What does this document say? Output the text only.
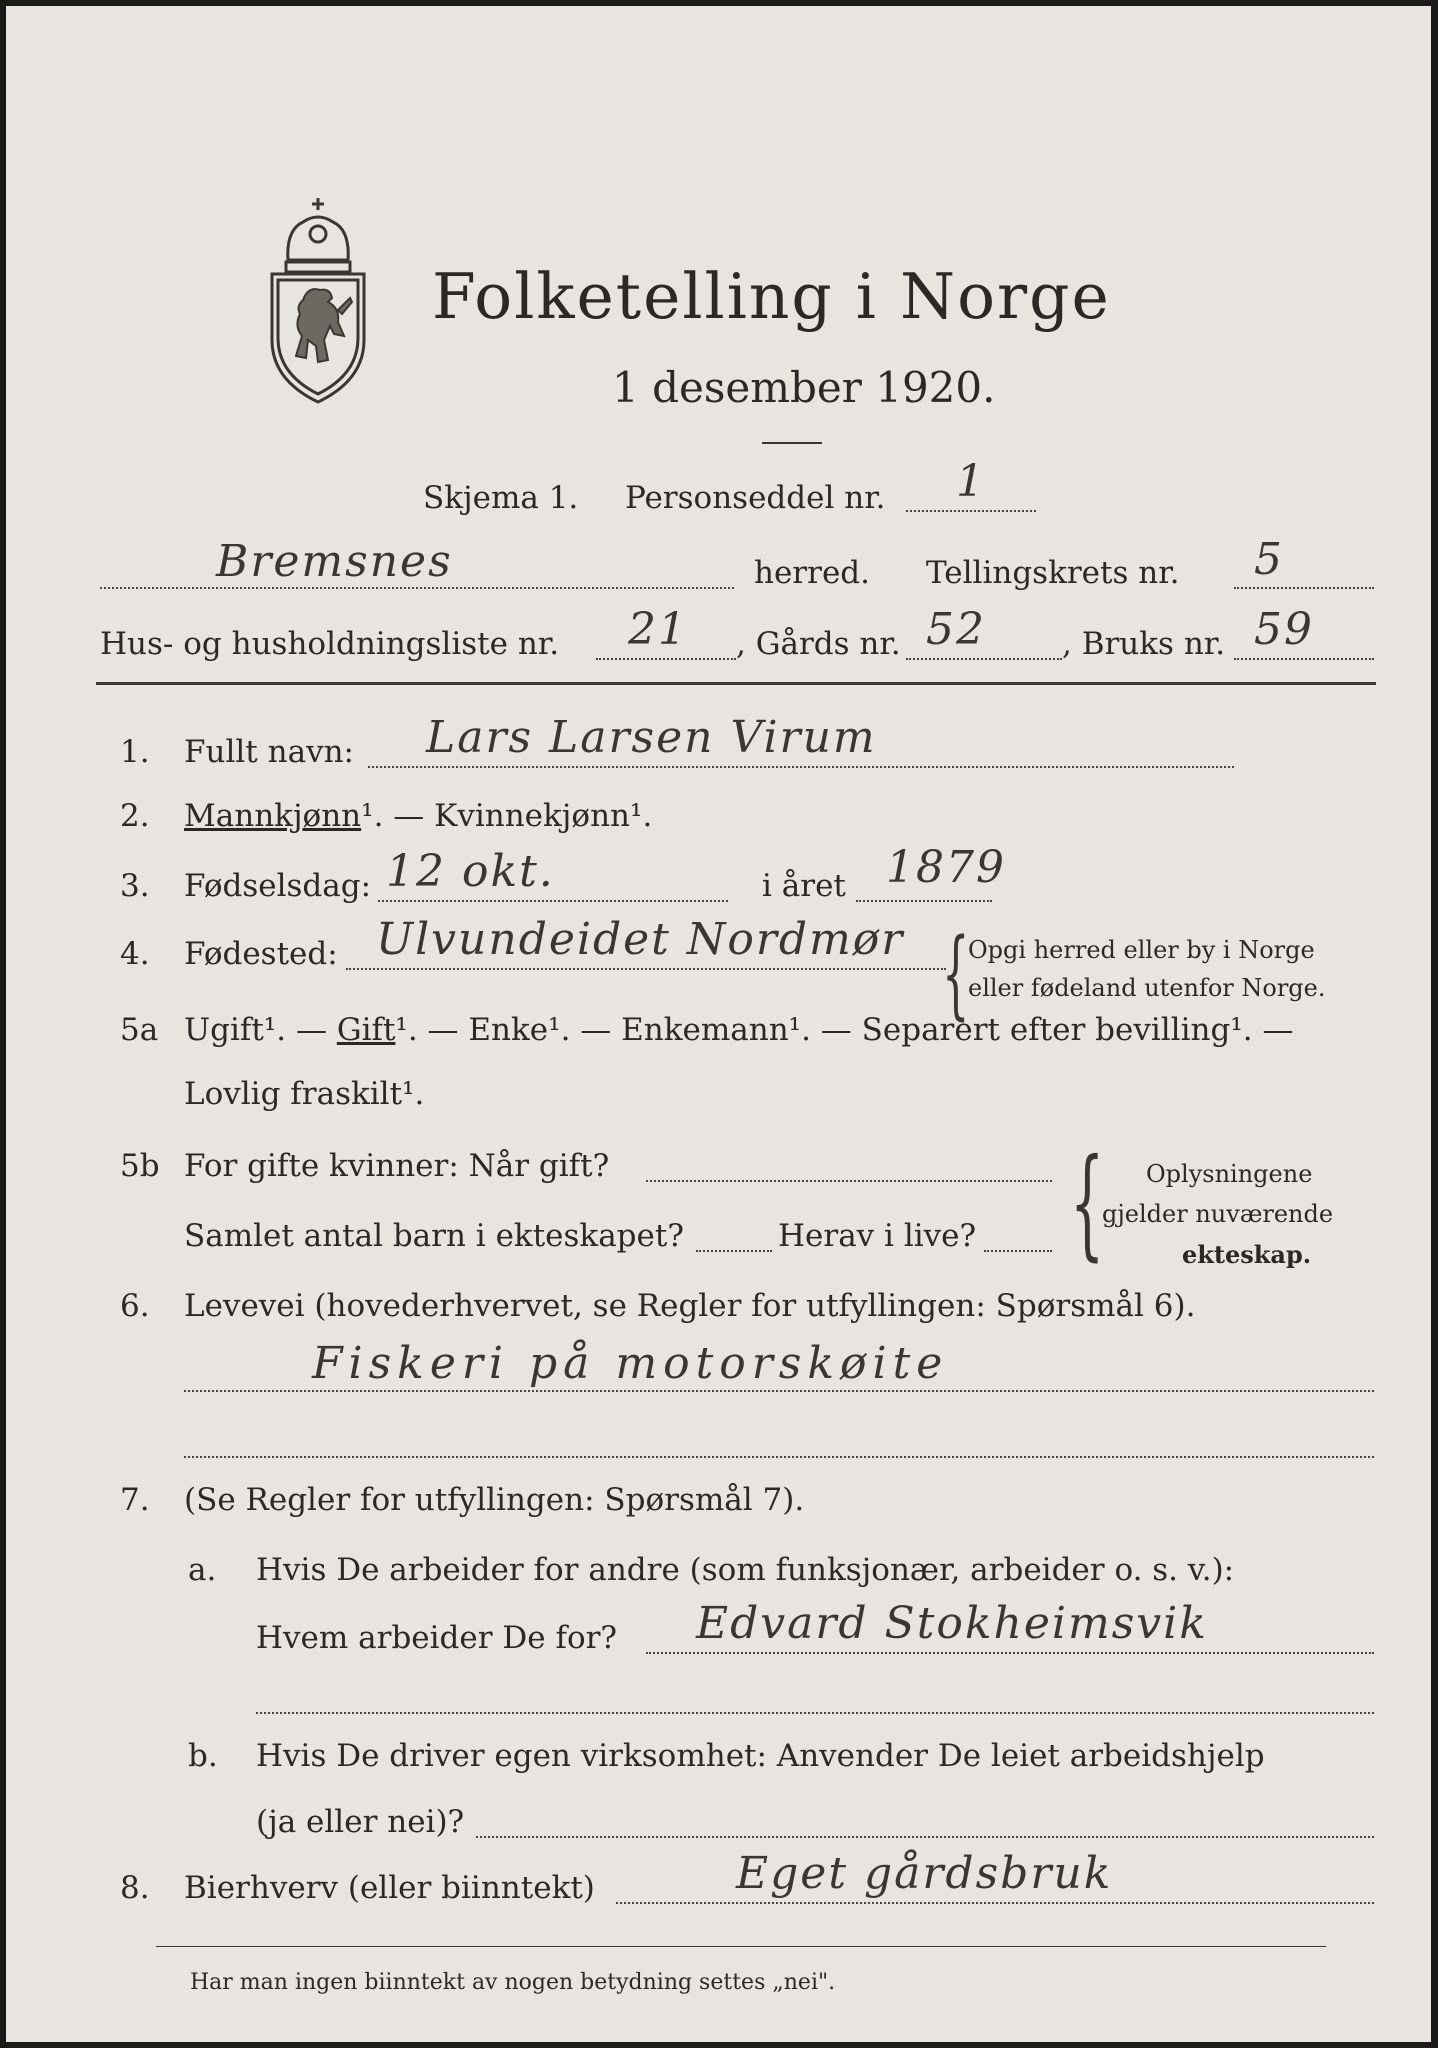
Folketelling i Norge
1 desember 1920.
Skjema 1. Personseddel nr. 1
Bremsnes	herred. Tellingskrets nr. 5
Hus- og husholdningsliste nr. 21 , Gårds nr. 52 , Bruks nr. 59
1. Fullt navn: Lars Larsen Virum
2. Mannkjønn¹. — Kvinnekjønn¹.
3. Fødselsdag: 12 okt.	i året 1879
4. Fødested: Ulvundeidet Nordmør {
Opgi herred eller by i Norge
eller fødeland utenfor Norge.
5a Ugift¹. — Gift¹. — Enke¹. — Enkemann¹. — Separert efter bevilling¹. —
Lovlig fraskilt¹.
5b For gifte kvinner: Når gift?
Samlet antal barn i ekteskapet?	Herav i live? { Oplysningene
gjelder nuværende
ekteskap.
6. Levevei (hovederhvervet, se Regler for utfyllingen: Spørsmål 6).
Fiskeri på motorskøite
7. (Se Regler for utfyllingen: Spørsmål 7).
a. Hvis De arbeider for andre (som funksjonær, arbeider o. s. v.):
Hvem arbeider De for? Edvard Stokheimsvik
b. Hvis De driver egen virksomhet: Anvender De leiet arbeidshjelp
(ja eller nei)?
8. Bierhverv (eller biinntekt)	Eget gårdsbruk
Har man ingen biinntekt av nogen betydning settes „nei".
